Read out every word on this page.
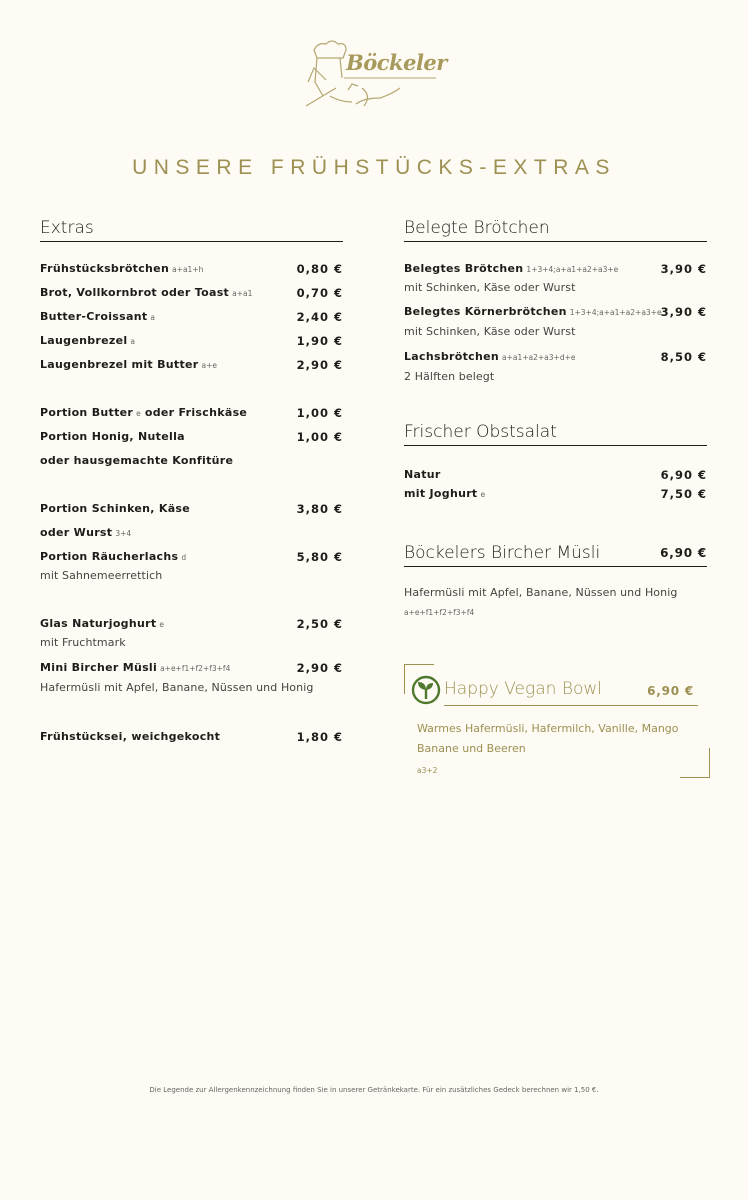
Böckeler
UNSERE FRÜHSTÜCKS-EXTRAS
Extras
Frühstücksbrötchen a+a1+h	0,80 €
Brot, Vollkornbrot oder Toast a+a1	0,70 €
Butter-Croissant a	2,40 €
Laugenbrezel a	1,90 €
Laugenbrezel mit Butter a+e	2,90 €
Portion Butter e oder Frischkäse	1,00 €
Portion Honig, Nutella	1,00 €
oder hausgemachte Konfitüre
Portion Schinken, Käse	3,80 €
oder Wurst 3+4
Portion Räucherlachs d	5,80 €
mit Sahnemeerrettich
Glas Naturjoghurt e	2,50 €
mit Fruchtmark
Mini Bircher Müsli a+e+f1+f2+f3+f4	2,90 €
Hafermüsli mit Apfel, Banane, Nüssen und Honig
Frühstücksei, weichgekocht	1,80 €
Belegte Brötchen
Belegtes Brötchen 1+3+4;a+a1+a2+a3+e	3,90 €
mit Schinken, Käse oder Wurst
Belegtes Körnerbrötchen 1+3+4;a+a1+a2+a3+e 3,90 €
mit Schinken, Käse oder Wurst
Lachsbrötchen a+a1+a2+a3+d+e	8,50 €
2 Hälften belegt
Frischer Obstsalat
Natur	6,90 €
mit Joghurt e	7,50 €
Böckelers Bircher Müsli	6,90 €
Hafermüsli mit Apfel, Banane, Nüssen und Honig
a+e+f1+f2+f3+f4
Happy Vegan Bowl	6,90 €
Warmes Hafermüsli, Hafermilch, Vanille, Mango
Banane und Beeren
a3+2
Die Legende zur Allergenkennzeichnung finden Sie in unserer Getränkekarte. Für ein zusätzliches Gedeck berechnen wir 1,50 €.
